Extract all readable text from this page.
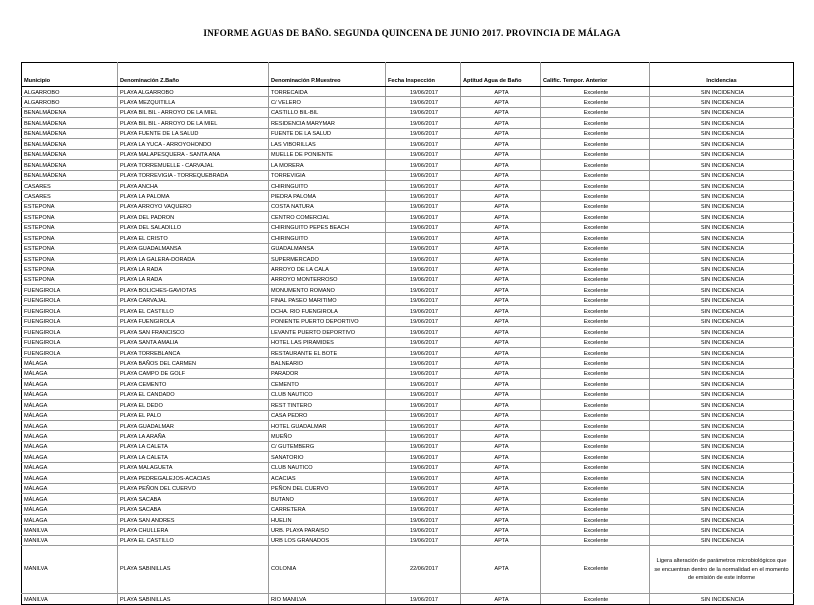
INFORME AGUAS DE BAÑO. SEGUNDA QUINCENA DE JUNIO 2017. PROVINCIA DE MÁLAGA
Municipio	Denominación Z.Baño	Denominación P.Muestreo	Fecha Inspección	Aptitud Agua de Baño	Calific. Tempor. Anterior	Incidencias
ALGARROBO	PLAYA ALGARROBO	TORRECAIDA	19/06/2017	APTA	Excelente	SIN INCIDENCIA
ALGARROBO	PLAYA MEZQUITILLA	C/ VELERO	19/06/2017	APTA	Excelente	SIN INCIDENCIA
BENALMÁDENA	PLAYA BIL BIL - ARROYO DE LA MIEL	CASTILLO BIL-BIL	19/06/2017	APTA	Excelente	SIN INCIDENCIA
BENALMÁDENA	PLAYA BIL BIL - ARROYO DE LA MIEL	RESIDENCIA MARYMAR	19/06/2017	APTA	Excelente	SIN INCIDENCIA
BENALMÁDENA	PLAYA FUENTE DE LA SALUD	FUENTE DE LA SALUD	19/06/2017	APTA	Excelente	SIN INCIDENCIA
BENALMÁDENA	PLAYA LA YUCA - ARROYOHONDO	LAS VIBORILLAS	19/06/2017	APTA	Excelente	SIN INCIDENCIA
BENALMÁDENA	PLAYA MALAPESQUERA - SANTA ANA	MUELLE DE PONIENTE	19/06/2017	APTA	Excelente	SIN INCIDENCIA
BENALMÁDENA	PLAYA TORREMUELLE - CARVAJAL	LA MORERA	19/06/2017	APTA	Excelente	SIN INCIDENCIA
BENALMÁDENA	PLAYA TORREVIGIA - TORREQUEBRADA	TORREVIGIA	19/06/2017	APTA	Excelente	SIN INCIDENCIA
CASARES	PLAYA ANCHA	CHIRINGUITO	19/06/2017	APTA	Excelente	SIN INCIDENCIA
CASARES	PLAYA LA PALOMA	PIEDRA PALOMA	19/06/2017	APTA	Excelente	SIN INCIDENCIA
ESTEPONA	PLAYA ARROYO VAQUERO	COSTA NATURA	19/06/2017	APTA	Excelente	SIN INCIDENCIA
ESTEPONA	PLAYA DEL PADRON	CENTRO COMERCIAL	19/06/2017	APTA	Excelente	SIN INCIDENCIA
ESTEPONA	PLAYA DEL SALADILLO	CHIRINGUITO PEPES BEACH	19/06/2017	APTA	Excelente	SIN INCIDENCIA
ESTEPONA	PLAYA EL CRISTO	CHIRINGUITO	19/06/2017	APTA	Excelente	SIN INCIDENCIA
ESTEPONA	PLAYA GUADALMANSA	GUADALMANSA	19/06/2017	APTA	Excelente	SIN INCIDENCIA
ESTEPONA	PLAYA LA GALERA-DORADA	SUPERMERCADO	19/06/2017	APTA	Excelente	SIN INCIDENCIA
ESTEPONA	PLAYA LA RADA	ARROYO DE LA CALA	19/06/2017	APTA	Excelente	SIN INCIDENCIA
ESTEPONA	PLAYA LA RADA	ARROYO MONTERROSO	19/06/2017	APTA	Excelente	SIN INCIDENCIA
FUENGIROLA	PLAYA BOLICHES-GAVIOTAS	MONUMENTO ROMANO	19/06/2017	APTA	Excelente	SIN INCIDENCIA
FUENGIROLA	PLAYA CARVAJAL	FINAL PASEO MARITIMO	19/06/2017	APTA	Excelente	SIN INCIDENCIA
FUENGIROLA	PLAYA EL CASTILLO	DCHA. RIO FUENGIROLA	19/06/2017	APTA	Excelente	SIN INCIDENCIA
FUENGIROLA	PLAYA FUENGIROLA	PONIENTE PUERTO DEPORTIVO	19/06/2017	APTA	Excelente	SIN INCIDENCIA
FUENGIROLA	PLAYA SAN FRANCISCO	LEVANTE PUERTO DEPORTIVO	19/06/2017	APTA	Excelente	SIN INCIDENCIA
FUENGIROLA	PLAYA SANTA AMALIA	HOTEL LAS PIRAMIDES	19/06/2017	APTA	Excelente	SIN INCIDENCIA
FUENGIROLA	PLAYA TORREBLANCA	RESTAURANTE EL BOTE	19/06/2017	APTA	Excelente	SIN INCIDENCIA
MÁLAGA	PLAYA BAÑOS DEL CARMEN	BALNEARIO	19/06/2017	APTA	Excelente	SIN INCIDENCIA
MÁLAGA	PLAYA CAMPO DE GOLF	PARADOR	19/06/2017	APTA	Excelente	SIN INCIDENCIA
MÁLAGA	PLAYA CEMENTO	CEMENTO	19/06/2017	APTA	Excelente	SIN INCIDENCIA
MÁLAGA	PLAYA EL CANDADO	CLUB NAUTICO	19/06/2017	APTA	Excelente	SIN INCIDENCIA
MÁLAGA	PLAYA EL DEDO	REST TINTERO	19/06/2017	APTA	Excelente	SIN INCIDENCIA
MÁLAGA	PLAYA EL PALO	CASA PEDRO	19/06/2017	APTA	Excelente	SIN INCIDENCIA
MÁLAGA	PLAYA GUADALMAR	HOTEL GUADALMAR	19/06/2017	APTA	Excelente	SIN INCIDENCIA
MÁLAGA	PLAYA LA ARAÑA	MUEÑO	19/06/2017	APTA	Excelente	SIN INCIDENCIA
MÁLAGA	PLAYA LA CALETA	C/ GUTEMBERG	19/06/2017	APTA	Excelente	SIN INCIDENCIA
MÁLAGA	PLAYA LA CALETA	SANATORIO	19/06/2017	APTA	Excelente	SIN INCIDENCIA
MÁLAGA	PLAYA MALAGUETA	CLUB NAUTICO	19/06/2017	APTA	Excelente	SIN INCIDENCIA
MÁLAGA	PLAYA PEDREGALEJOS-ACACIAS	ACACIAS	19/06/2017	APTA	Excelente	SIN INCIDENCIA
MÁLAGA	PLAYA PEÑON DEL CUERVO	PEÑON DEL CUERVO	19/06/2017	APTA	Excelente	SIN INCIDENCIA
MÁLAGA	PLAYA SACABA	BUTANO	19/06/2017	APTA	Excelente	SIN INCIDENCIA
MÁLAGA	PLAYA SACABA	CARRETERA	19/06/2017	APTA	Excelente	SIN INCIDENCIA
MÁLAGA	PLAYA SAN ANDRES	HUELIN	19/06/2017	APTA	Excelente	SIN INCIDENCIA
MANILVA	PLAYA CHULLERA	URB. PLAYA PARAISO	19/06/2017	APTA	Excelente	SIN INCIDENCIA
MANILVA	PLAYA EL CASTILLO	URB LOS GRANADOS	19/06/2017	APTA	Excelente	SIN INCIDENCIA
MANILVA	PLAYA SABINILLAS	COLONIA	22/06/2017	APTA	Excelente	Ligera alteración de parámetros microbiológicos que se encuentran dentro de la normalidad en el momento de emisión de este informe
MANILVA	PLAYA SABINILLAS	RIO MANILVA	19/06/2017	APTA	Excelente	SIN INCIDENCIA
